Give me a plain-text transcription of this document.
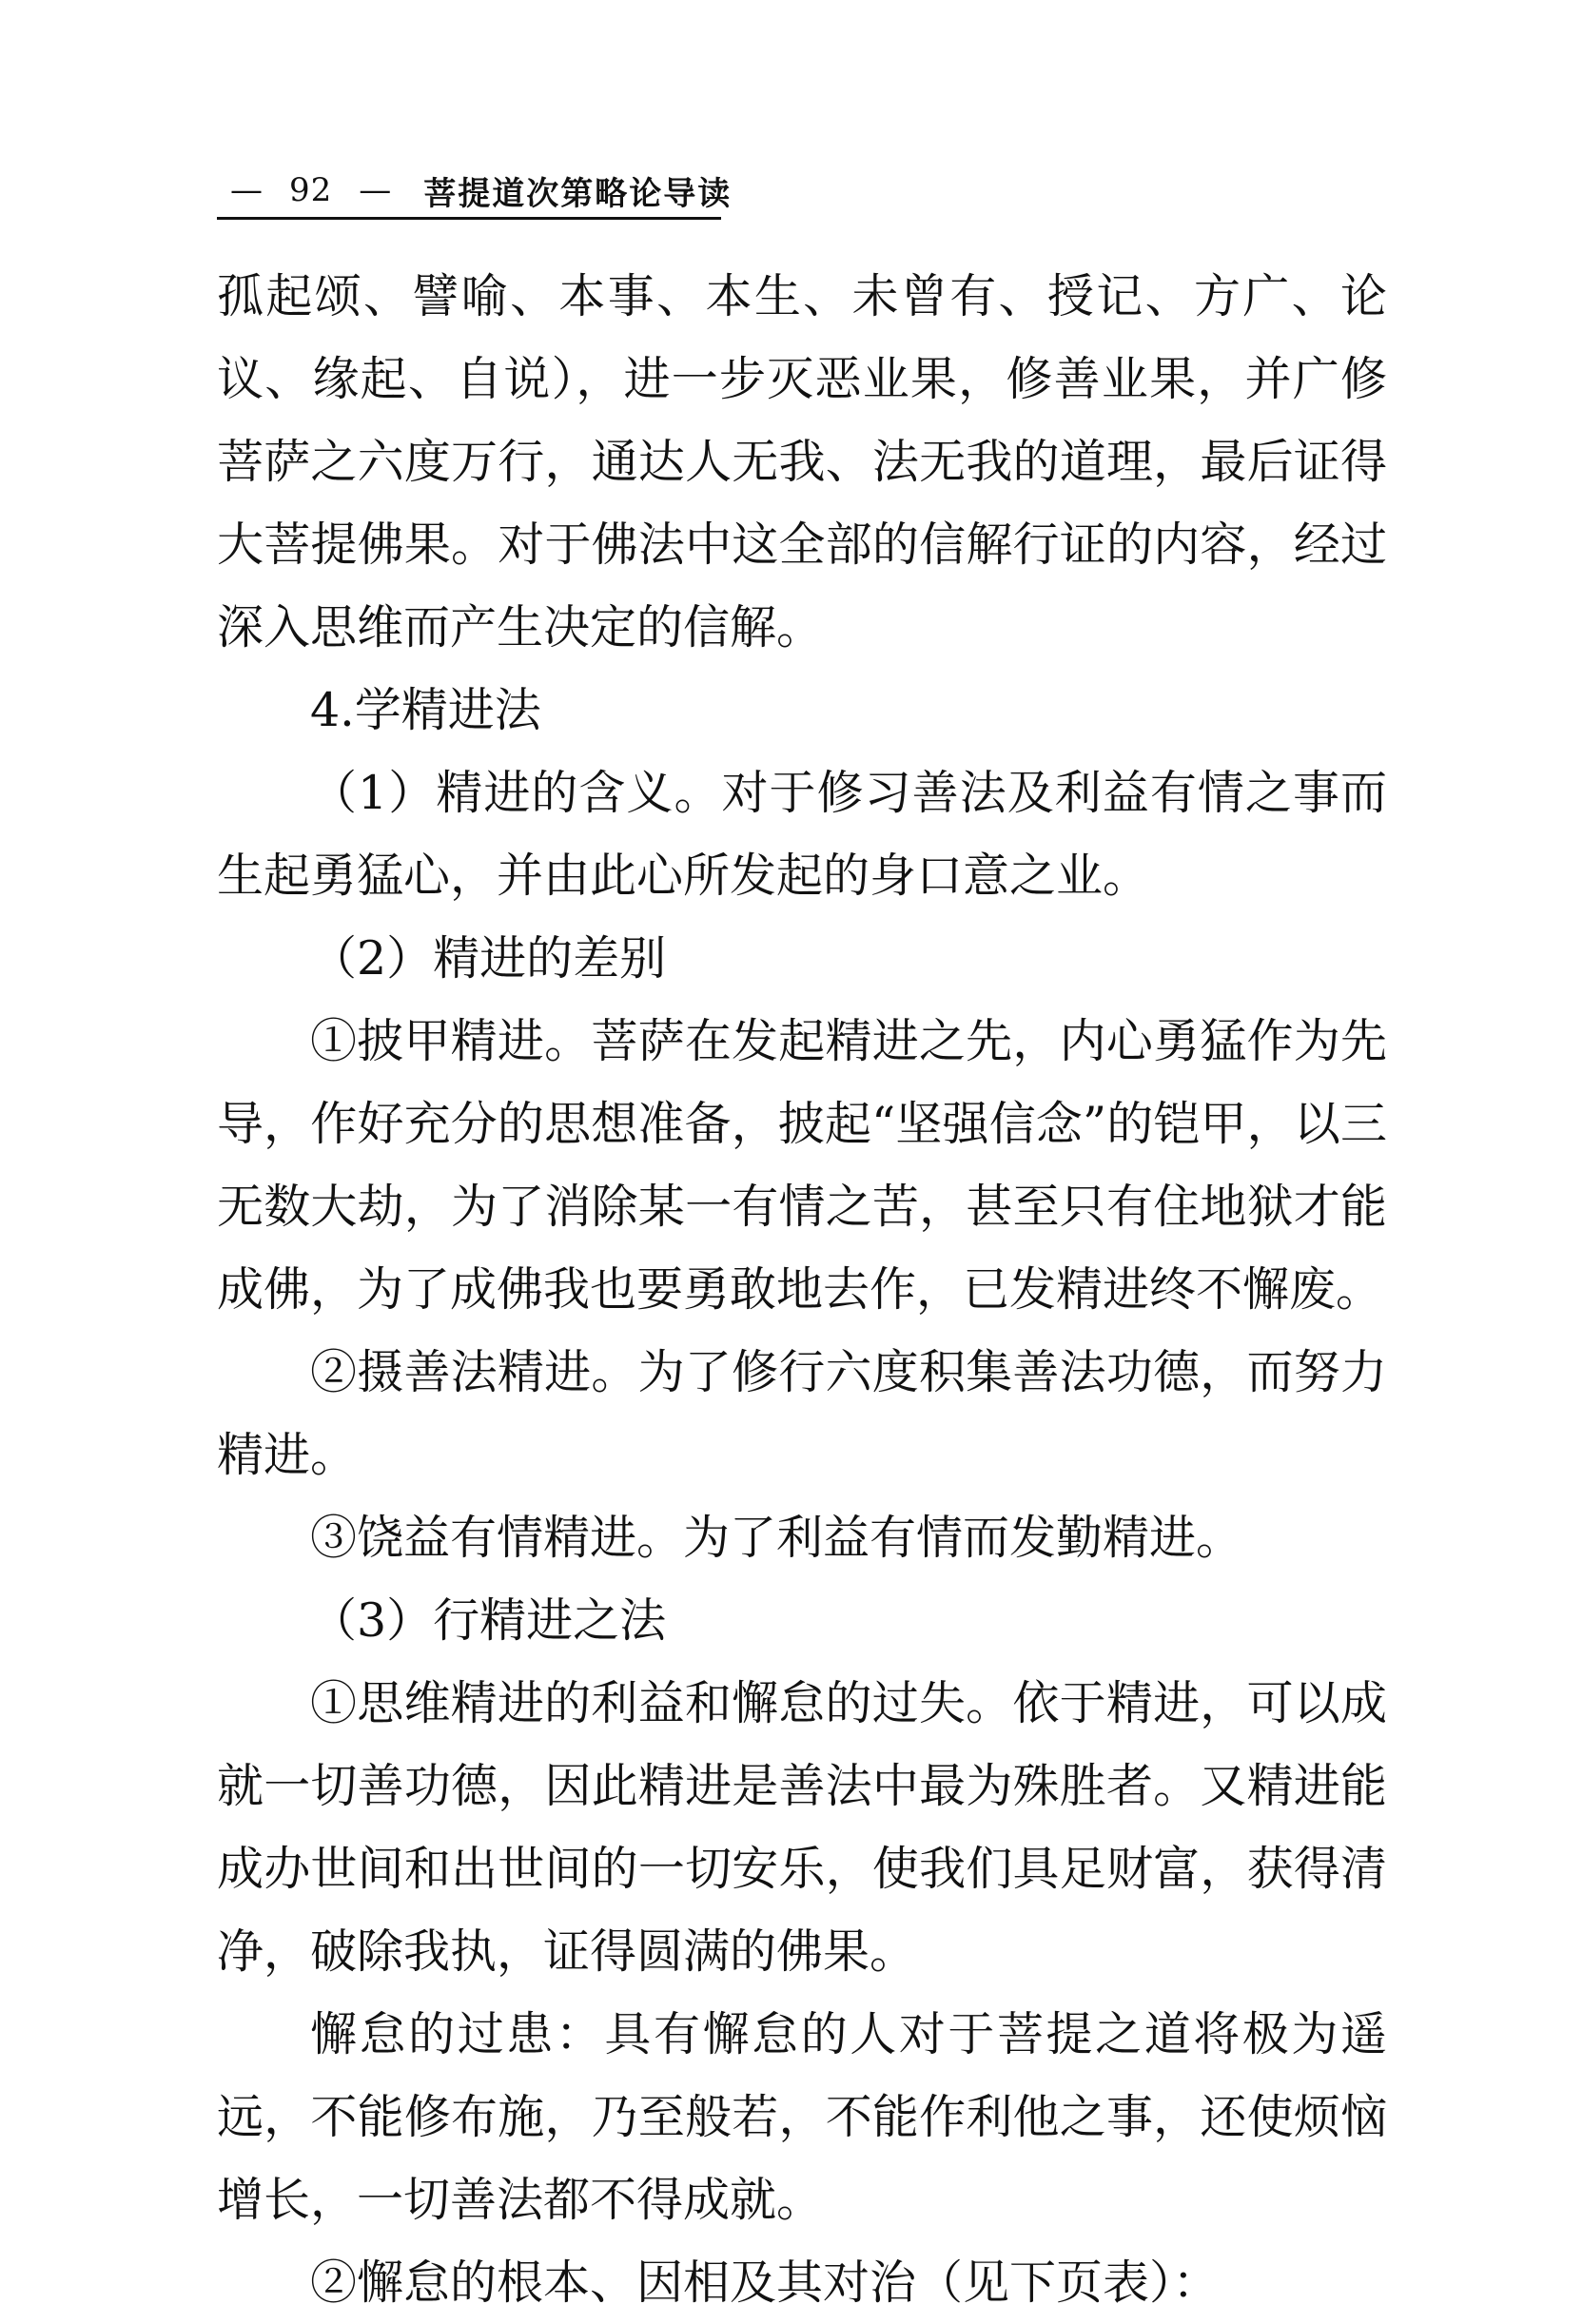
— 92 — 菩提道次第略论导读

孤起颂、譬喻、本事、本生、未曾有、授记、方广、论议、缘起、自说），进一步灭恶业果，修善业果，并广修菩萨之六度万行，通达人无我、法无我的道理，最后证得大菩提佛果。对于佛法中这全部的信解行证的内容，经过深入思维而产生决定的信解。

4.学精进法

（1）精进的含义。对于修习善法及利益有情之事而生起勇猛心，并由此心所发起的身口意之业。

（2）精进的差别

①披甲精进。菩萨在发起精进之先，内心勇猛作为先导，作好充分的思想准备，披起“坚强信念”的铠甲，以三无数大劫，为了消除某一有情之苦，甚至只有住地狱才能成佛，为了成佛我也要勇敢地去作，已发精进终不懈废。

②摄善法精进。为了修行六度积集善法功德，而努力精进。

③饶益有情精进。为了利益有情而发勤精进。

（3）行精进之法

①思维精进的利益和懈怠的过失。依于精进，可以成就一切善功德，因此精进是善法中最为殊胜者。又精进能成办世间和出世间的一切安乐，使我们具足财富，获得清净，破除我执，证得圆满的佛果。

懈怠的过患：具有懈怠的人对于菩提之道将极为遥远，不能修布施，乃至般若，不能作利他之事，还使烦恼增长，一切善法都不得成就。

②懈怠的根本、因相及其对治（见下页表）：
